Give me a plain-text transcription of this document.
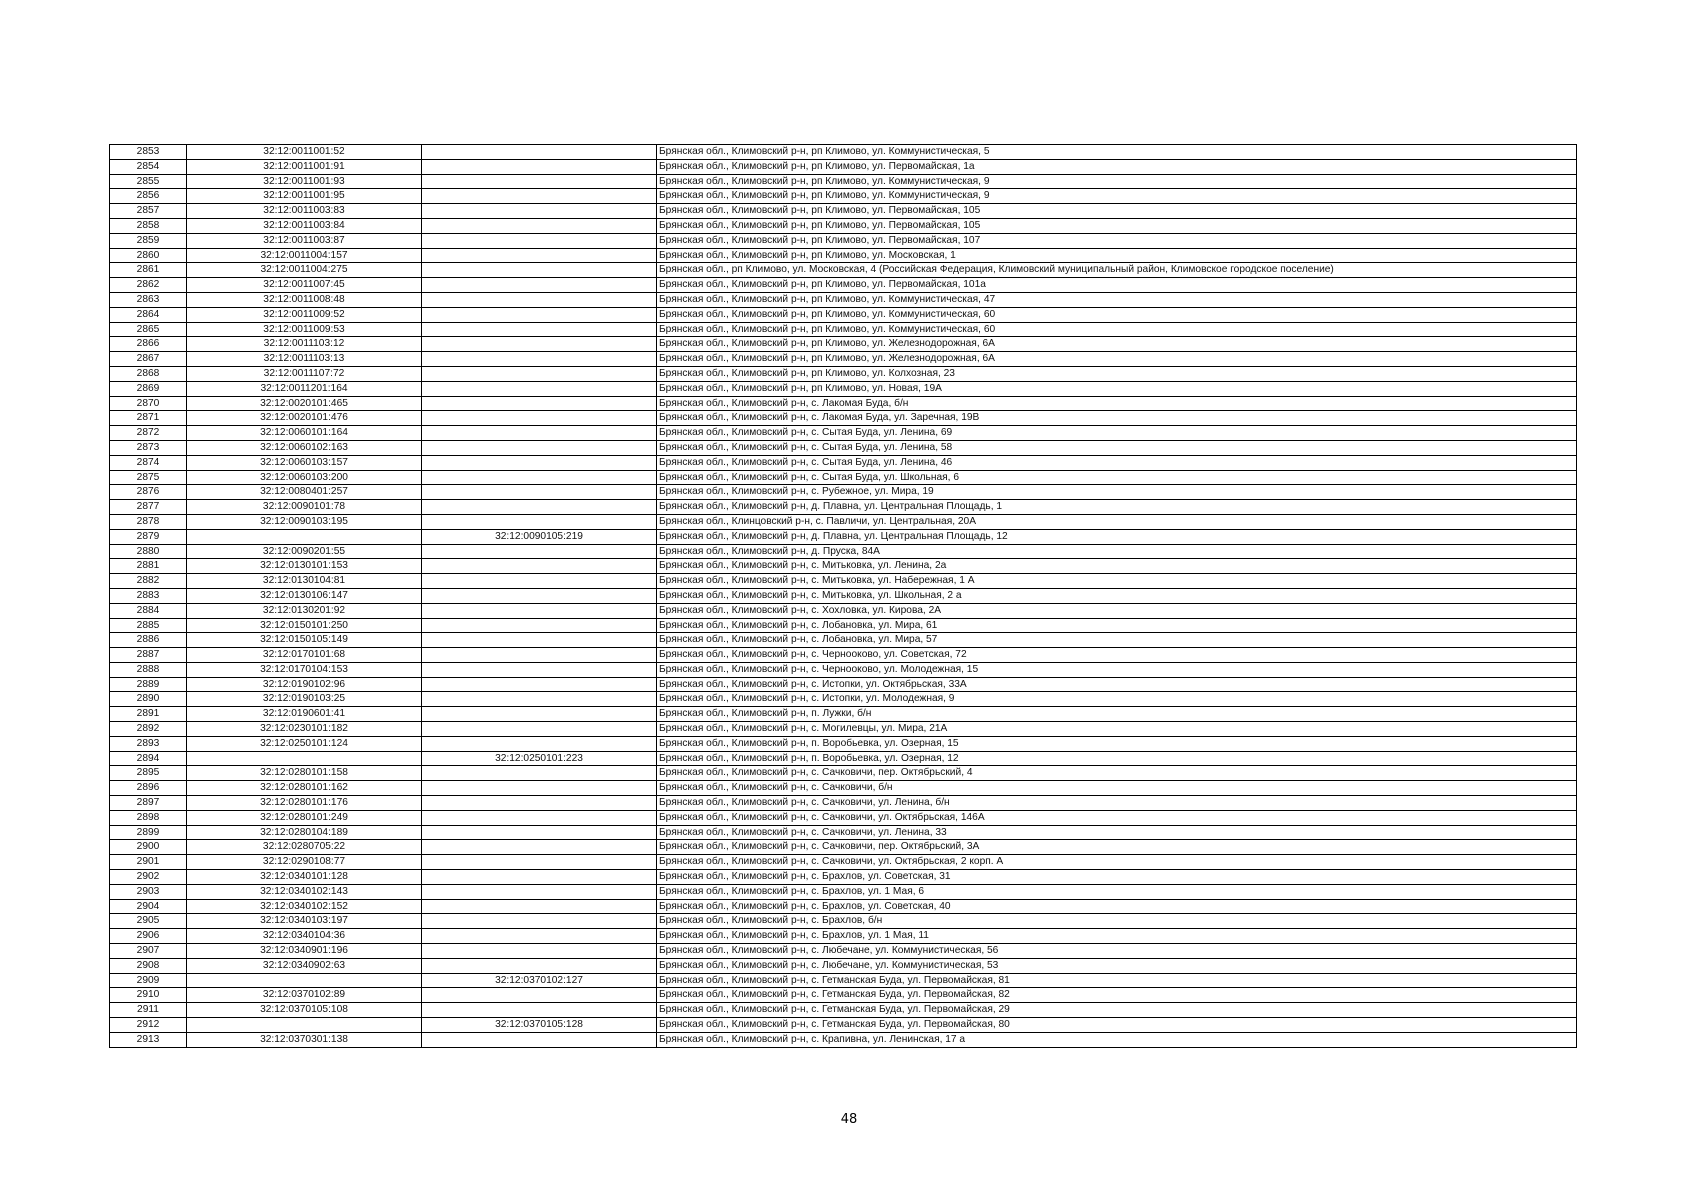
2853	32:12:0011001:52		Брянская обл., Климовский р-н, рп Климово, ул. Коммунистическая, 5
2854	32:12:0011001:91		Брянская обл., Климовский р-н, рп Климово, ул. Первомайская, 1а
2855	32:12:0011001:93		Брянская обл., Климовский р-н, рп Климово, ул. Коммунистическая, 9
2856	32:12:0011001:95		Брянская обл., Климовский р-н, рп Климово, ул. Коммунистическая, 9
2857	32:12:0011003:83		Брянская обл., Климовский р-н, рп Климово, ул. Первомайская, 105
2858	32:12:0011003:84		Брянская обл., Климовский р-н, рп Климово, ул. Первомайская, 105
2859	32:12:0011003:87		Брянская обл., Климовский р-н, рп Климово, ул. Первомайская, 107
2860	32:12:0011004:157		Брянская обл., Климовский р-н, рп Климово, ул. Московская, 1
2861	32:12:0011004:275		Брянская обл., рп Климово, ул. Московская, 4 (Российская Федерация, Климовский муниципальный район, Климовское городское поселение)
2862	32:12:0011007:45		Брянская обл., Климовский р-н, рп Климово, ул. Первомайская, 101а
2863	32:12:0011008:48		Брянская обл., Климовский р-н, рп Климово, ул. Коммунистическая, 47
2864	32:12:0011009:52		Брянская обл., Климовский р-н, рп Климово, ул. Коммунистическая, 60
2865	32:12:0011009:53		Брянская обл., Климовский р-н, рп Климово, ул. Коммунистическая, 60
2866	32:12:0011103:12		Брянская обл., Климовский р-н, рп Климово, ул. Железнодорожная, 6А
2867	32:12:0011103:13		Брянская обл., Климовский р-н, рп Климово, ул. Железнодорожная, 6А
2868	32:12:0011107:72		Брянская обл., Климовский р-н, рп Климово, ул. Колхозная, 23
2869	32:12:0011201:164		Брянская обл., Климовский р-н, рп Климово, ул. Новая, 19А
2870	32:12:0020101:465		Брянская обл., Климовский р-н, с. Лакомая Буда, б/н
2871	32:12:0020101:476		Брянская обл., Климовский р-н, с. Лакомая Буда, ул. Заречная, 19В
2872	32:12:0060101:164		Брянская обл., Климовский р-н, с. Сытая Буда, ул. Ленина, 69
2873	32:12:0060102:163		Брянская обл., Климовский р-н, с. Сытая Буда, ул. Ленина, 58
2874	32:12:0060103:157		Брянская обл., Климовский р-н, с. Сытая Буда, ул. Ленина, 46
2875	32:12:0060103:200		Брянская обл., Климовский р-н, с. Сытая Буда, ул. Школьная, 6
2876	32:12:0080401:257		Брянская обл., Климовский р-н, с. Рубежное, ул. Мира, 19
2877	32:12:0090101:78		Брянская обл., Климовский р-н, д. Плавна, ул. Центральная Площадь, 1
2878	32:12:0090103:195		Брянская обл., Клинцовский р-н, с. Павличи, ул. Центральная, 20А
2879		32:12:0090105:219	Брянская обл., Климовский р-н, д. Плавна, ул. Центральная Площадь, 12
2880	32:12:0090201:55		Брянская обл., Климовский р-н, д. Пруска, 84А
2881	32:12:0130101:153		Брянская обл., Климовский р-н, с. Митьковка, ул. Ленина, 2а
2882	32:12:0130104:81		Брянская обл., Климовский р-н, с. Митьковка, ул. Набережная, 1 А
2883	32:12:0130106:147		Брянская обл., Климовский р-н, с. Митьковка, ул. Школьная, 2 а
2884	32:12:0130201:92		Брянская обл., Климовский р-н, с. Хохловка, ул. Кирова, 2А
2885	32:12:0150101:250		Брянская обл., Климовский р-н, с. Лобановка, ул. Мира, 61
2886	32:12:0150105:149		Брянская обл., Климовский р-н, с. Лобановка, ул. Мира, 57
2887	32:12:0170101:68		Брянская обл., Климовский р-н, с. Чернооково, ул. Советская, 72
2888	32:12:0170104:153		Брянская обл., Климовский р-н, с. Чернооково, ул. Молодежная, 15
2889	32:12:0190102:96		Брянская обл., Климовский р-н, с. Истопки, ул. Октябрьская, 33А
2890	32:12:0190103:25		Брянская обл., Климовский р-н, с. Истопки, ул. Молодежная, 9
2891	32:12:0190601:41		Брянская обл., Климовский р-н, п. Лужки, б/н
2892	32:12:0230101:182		Брянская обл., Климовский р-н, с. Могилевцы, ул. Мира, 21А
2893	32:12:0250101:124		Брянская обл., Климовский р-н, п. Воробьевка, ул. Озерная, 15
2894		32:12:0250101:223	Брянская обл., Климовский р-н, п. Воробьевка, ул. Озерная, 12
2895	32:12:0280101:158		Брянская обл., Климовский р-н, с. Сачковичи, пер. Октябрьский, 4
2896	32:12:0280101:162		Брянская обл., Климовский р-н, с. Сачковичи, б/н
2897	32:12:0280101:176		Брянская обл., Климовский р-н, с. Сачковичи, ул. Ленина, б/н
2898	32:12:0280101:249		Брянская обл., Климовский р-н, с. Сачковичи, ул. Октябрьская, 146А
2899	32:12:0280104:189		Брянская обл., Климовский р-н, с. Сачковичи, ул. Ленина, 33
2900	32:12:0280705:22		Брянская обл., Климовский р-н, с. Сачковичи, пер. Октябрьский, 3А
2901	32:12:0290108:77		Брянская обл., Климовский р-н, с. Сачковичи, ул. Октябрьская, 2 корп. А
2902	32:12:0340101:128		Брянская обл., Климовский р-н, с. Брахлов, ул. Советская, 31
2903	32:12:0340102:143		Брянская обл., Климовский р-н, с. Брахлов, ул. 1 Мая, 6
2904	32:12:0340102:152		Брянская обл., Климовский р-н, с. Брахлов, ул. Советская, 40
2905	32:12:0340103:197		Брянская обл., Климовский р-н, с. Брахлов, б/н
2906	32:12:0340104:36		Брянская обл., Климовский р-н, с. Брахлов, ул. 1 Мая, 11
2907	32:12:0340901:196		Брянская обл., Климовский р-н, с. Любечане, ул. Коммунистическая, 56
2908	32:12:0340902:63		Брянская обл., Климовский р-н, с. Любечане, ул. Коммунистическая, 53
2909		32:12:0370102:127	Брянская обл., Климовский р-н, с. Гетманская Буда, ул. Первомайская, 81
2910	32:12:0370102:89		Брянская обл., Климовский р-н, с. Гетманская Буда, ул. Первомайская, 82
2911	32:12:0370105:108		Брянская обл., Климовский р-н, с. Гетманская Буда, ул. Первомайская, 29
2912		32:12:0370105:128	Брянская обл., Климовский р-н, с. Гетманская Буда, ул. Первомайская, 80
2913	32:12:0370301:138		Брянская обл., Климовский р-н, с. Крапивна, ул. Ленинская, 17 а
48
